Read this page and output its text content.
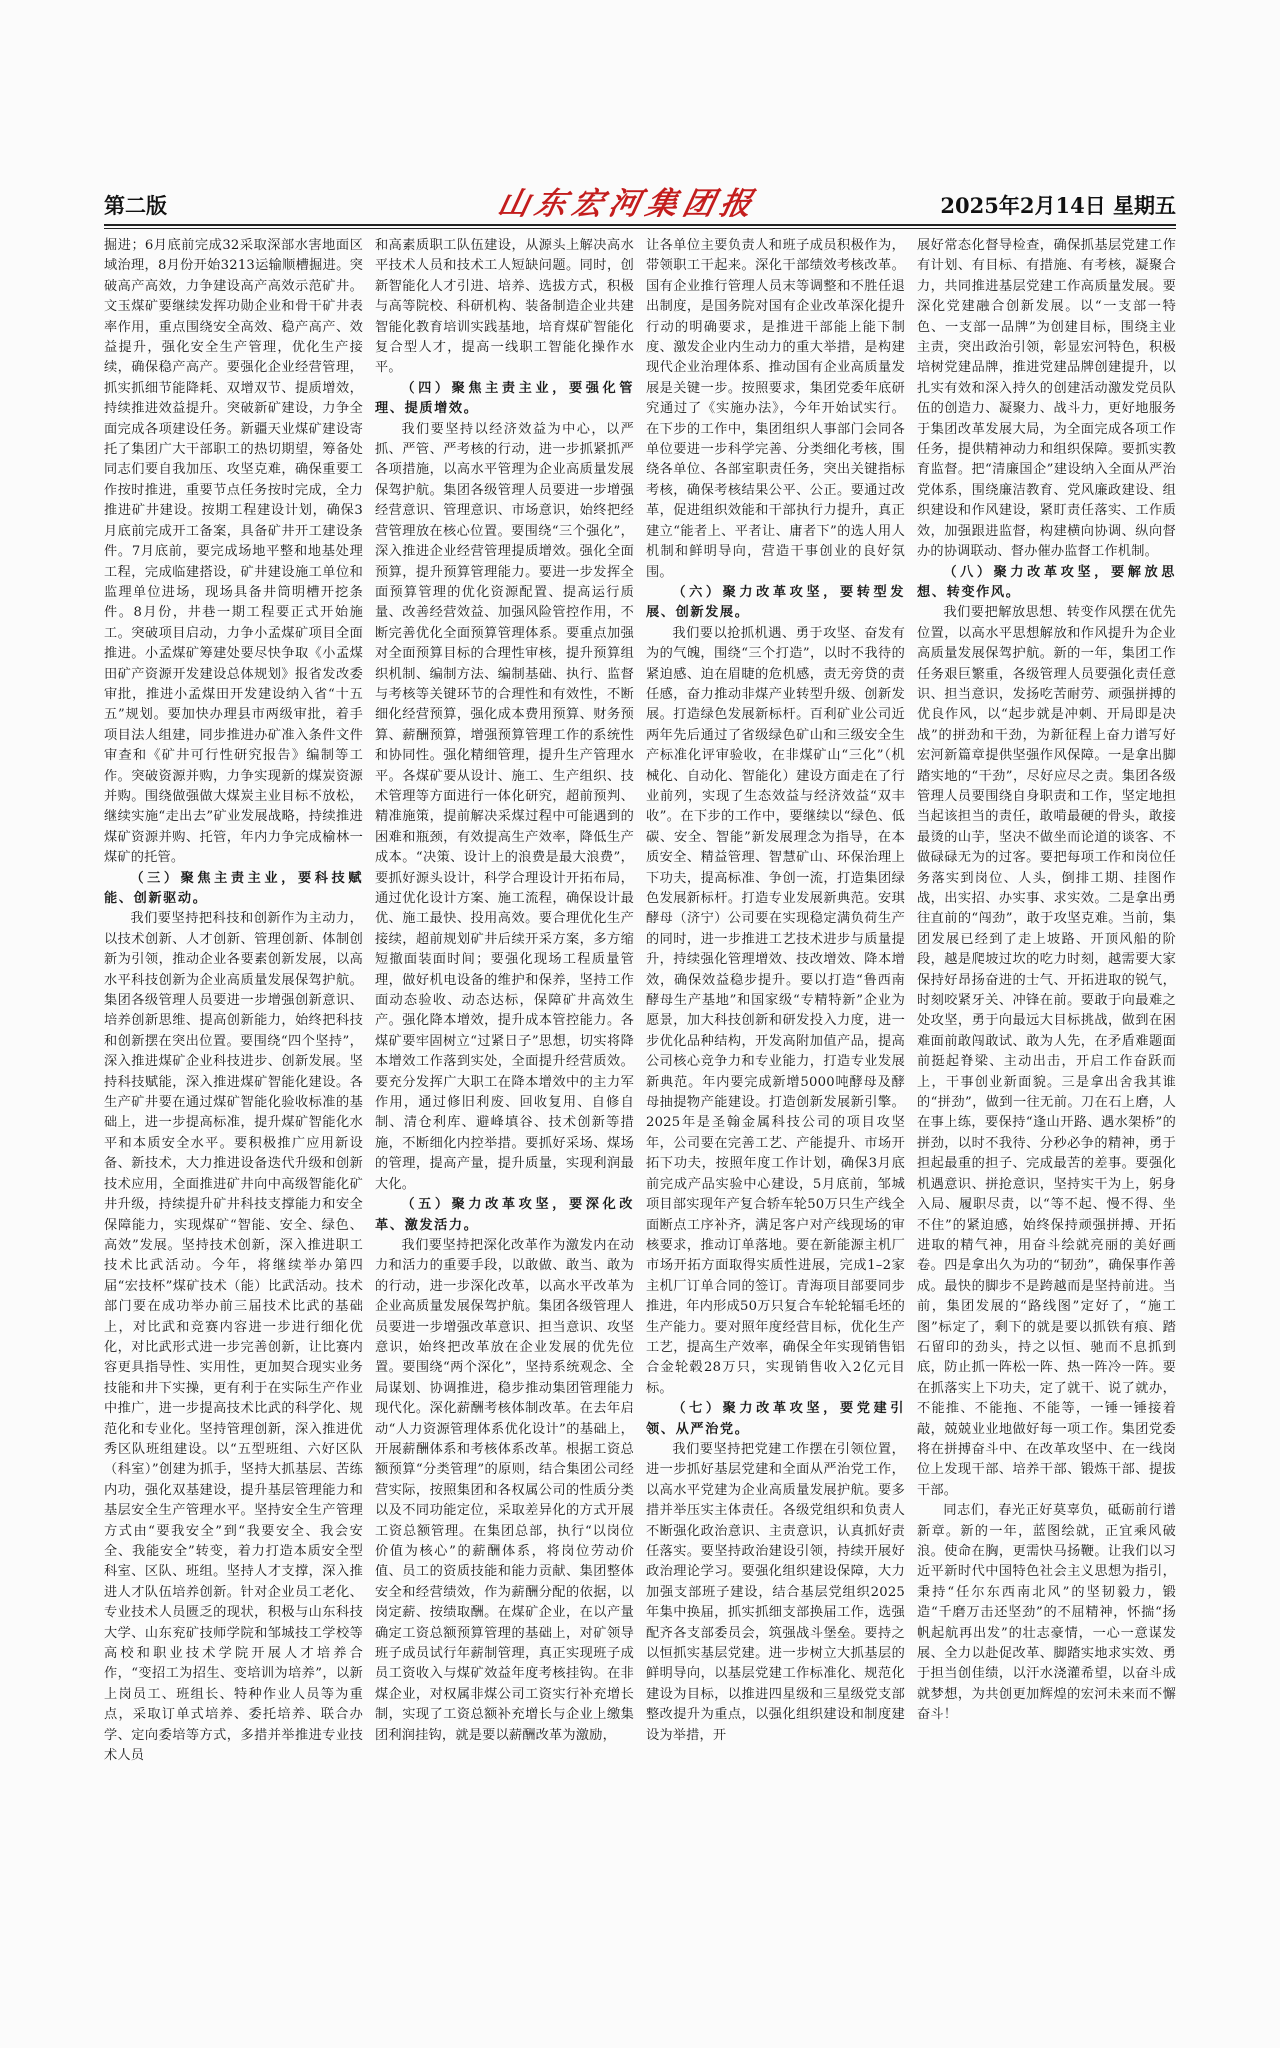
第二版	山东宏河集团报	2025年2月14日 星期五

掘进；6月底前完成32采取深部水害地面区域治理，8月份开始3213运输顺槽掘进。突破高产高效，力争建设高产高效示范矿井。文玉煤矿要继续发挥功勋企业和骨干矿井表率作用，重点围绕安全高效、稳产高产、效益提升，强化安全生产管理，优化生产接续，确保稳产高产。要强化企业经营管理，抓实抓细节能降耗、双增双节、提质增效，持续推进效益提升。突破新矿建设，力争全面完成各项建设任务。新疆天业煤矿建设寄托了集团广大干部职工的热切期望，筹备处同志们要自我加压、攻坚克难，确保重要工作按时推进，重要节点任务按时完成，全力推进矿井建设。按期工程建设计划，确保3月底前完成开工备案，具备矿井开工建设条件。7月底前，要完成场地平整和地基处理工程，完成临建搭设，矿井建设施工单位和监理单位进场，现场具备井筒明槽开挖条件。8月份，井巷一期工程要正式开始施工。突破项目启动，力争小孟煤矿项目全面推进。小孟煤矿筹建处要尽快争取《小孟煤田矿产资源开发建设总体规划》报省发改委审批，推进小孟煤田开发建设纳入省“十五五”规划。要加快办理县市两级审批，着手项目法人组建，同步推进办矿准入条件文件审查和《矿井可行性研究报告》编制等工作。突破资源并购，力争实现新的煤炭资源并购。围绕做强做大煤炭主业目标不放松，继续实施“走出去”矿业发展战略，持续推进煤矿资源并购、托管，年内力争完成榆林一煤矿的托管。

（三）聚焦主责主业，要科技赋能、创新驱动。

我们要坚持把科技和创新作为主动力，以技术创新、人才创新、管理创新、体制创新为引领，推动企业各要素创新发展，以高水平科技创新为企业高质量发展保驾护航。集团各级管理人员要进一步增强创新意识、培养创新思维、提高创新能力，始终把科技和创新摆在突出位置。要围绕“四个坚持”，深入推进煤矿企业科技进步、创新发展。坚持科技赋能，深入推进煤矿智能化建设。各生产矿井要在通过煤矿智能化验收标准的基础上，进一步提高标准，提升煤矿智能化水平和本质安全水平。要积极推广应用新设备、新技术，大力推进设备迭代升级和创新技术应用，全面推进矿井向中高级智能化矿井升级，持续提升矿井科技支撑能力和安全保障能力，实现煤矿“智能、安全、绿色、高效”发展。坚持技术创新，深入推进职工技术比武活动。今年，将继续举办第四届“宏技杯”煤矿技术（能）比武活动。技术部门要在成功举办前三届技术比武的基础上，对比武和竞赛内容进一步进行细化优化，对比武形式进一步完善创新，让比赛内容更具指导性、实用性，更加契合现实业务技能和井下实操，更有利于在实际生产作业中推广，进一步提高技术比武的科学化、规范化和专业化。坚持管理创新，深入推进优秀区队班组建设。以“五型班组、六好区队（科室）”创建为抓手，坚持大抓基层、苦练内功，强化双基建设，提升基层管理能力和基层安全生产管理水平。坚持安全生产管理方式由“要我安全”到“我要安全、我会安全、我能安全”转变，着力打造本质安全型科室、区队、班组。坚持人才支撑，深入推进人才队伍培养创新。针对企业员工老化、专业技术人员匮乏的现状，积极与山东科技大学、山东兖矿技师学院和邹城技工学校等高校和职业技术学院开展人才培养合作，“变招工为招生、变培训为培养”，以新上岗员工、班组长、特种作业人员等为重点，采取订单式培养、委托培养、联合办学、定向委培等方式，多措并举推进专业技术人员

和高素质职工队伍建设，从源头上解决高水平技术人员和技术工人短缺问题。同时，创新智能化人才引进、培养、选拔方式，积极与高等院校、科研机构、装备制造企业共建智能化教育培训实践基地，培育煤矿智能化复合型人才，提高一线职工智能化操作水平。

（四）聚焦主责主业，要强化管理、提质增效。

我们要坚持以经济效益为中心，以严抓、严管、严考核的行动，进一步抓紧抓严各项措施，以高水平管理为企业高质量发展保驾护航。集团各级管理人员要进一步增强经营意识、管理意识、市场意识，始终把经营管理放在核心位置。要围绕“三个强化”，深入推进企业经营管理提质增效。强化全面预算，提升预算管理能力。要进一步发挥全面预算管理的优化资源配置、提高运行质量、改善经营效益、加强风险管控作用，不断完善优化全面预算管理体系。要重点加强对全面预算目标的合理性审核，提升预算组织机制、编制方法、编制基础、执行、监督与考核等关键环节的合理性和有效性，不断细化经营预算，强化成本费用预算、财务预算、薪酬预算，增强预算管理工作的系统性和协同性。强化精细管理，提升生产管理水平。各煤矿要从设计、施工、生产组织、技术管理等方面进行一体化研究，超前预判、精准施策，提前解决采煤过程中可能遇到的困难和瓶颈，有效提高生产效率，降低生产成本。“决策、设计上的浪费是最大浪费”，要抓好源头设计，科学合理设计开拓布局，通过优化设计方案、施工流程，确保设计最优、施工最快、投用高效。要合理优化生产接续，超前规划矿井后续开采方案，多方缩短撤面装面时间；要强化现场工程质量管理，做好机电设备的维护和保养，坚持工作面动态验收、动态达标，保障矿井高效生产。强化降本增效，提升成本管控能力。各煤矿要牢固树立“过紧日子”思想，切实将降本增效工作落到实处，全面提升经营质效。要充分发挥广大职工在降本增效中的主力军作用，通过修旧利废、回收复用、自修自制、清仓利库、避峰填谷、技术创新等措施，不断细化内控举措。要抓好采场、煤场的管理，提高产量，提升质量，实现利润最大化。

（五）聚力改革攻坚，要深化改革、激发活力。

我们要坚持把深化改革作为激发内在动力和活力的重要手段，以敢做、敢当、敢为的行动，进一步深化改革，以高水平改革为企业高质量发展保驾护航。集团各级管理人员要进一步增强改革意识、担当意识、攻坚意识，始终把改革放在企业发展的优先位置。要围绕“两个深化”，坚持系统观念、全局谋划、协调推进，稳步推动集团管理能力现代化。深化薪酬考核体制改革。在去年启动“人力资源管理体系优化设计”的基础上，开展薪酬体系和考核体系改革。根据工资总额预算“分类管理”的原则，结合集团公司经营实际，按照集团和各权属公司的性质分类以及不同功能定位，采取差异化的方式开展工资总额管理。在集团总部，执行“以岗位价值为核心”的薪酬体系，将岗位劳动价值、员工的资质技能和能力贡献、集团整体安全和经营绩效，作为薪酬分配的依据，以岗定薪、按绩取酬。在煤矿企业，在以产量确定工资总额预算管理的基础上，对矿领导班子成员试行年薪制管理，真正实现班子成员工资收入与煤矿效益年度考核挂钩。在非煤企业，对权属非煤公司工资实行补充增长制，实现了工资总额补充增长与企业上缴集团利润挂钩，就是要以薪酬改革为激励，

让各单位主要负责人和班子成员积极作为，带领职工干起来。深化干部绩效考核改革。国有企业推行管理人员末等调整和不胜任退出制度，是国务院对国有企业改革深化提升行动的明确要求，是推进干部能上能下制度、激发企业内生动力的重大举措，是构建现代企业治理体系、推动国有企业高质量发展是关键一步。按照要求，集团党委年底研究通过了《实施办法》，今年开始试实行。在下步的工作中，集团组织人事部门会同各单位要进一步科学完善、分类细化考核，围绕各单位、各部室职责任务，突出关键指标考核，确保考核结果公平、公正。要通过改革，促进组织效能和干部执行力提升，真正建立“能者上、平者让、庸者下”的选人用人机制和鲜明导向，营造干事创业的良好氛围。

（六）聚力改革攻坚，要转型发展、创新发展。

我们要以抢抓机遇、勇于攻坚、奋发有为的气魄，围绕“三个打造”，以时不我待的紧迫感、迫在眉睫的危机感，责无旁贷的责任感，奋力推动非煤产业转型升级、创新发展。打造绿色发展新标杆。百利矿业公司近两年先后通过了省级绿色矿山和三级安全生产标准化评审验收，在非煤矿山“三化”（机械化、自动化、智能化）建设方面走在了行业前列，实现了生态效益与经济效益“双丰收”。在下步的工作中，要继续以“绿色、低碳、安全、智能”新发展理念为指导，在本质安全、精益管理、智慧矿山、环保治理上下功夫，提高标准、争创一流，打造集团绿色发展新标杆。打造专业发展新典范。安琪酵母（济宁）公司要在实现稳定满负荷生产的同时，进一步推进工艺技术进步与质量提升，持续强化管理增效、技改增效、降本增效，确保效益稳步提升。要以打造“鲁西南酵母生产基地”和国家级“专精特新”企业为愿景，加大科技创新和研发投入力度，进一步优化品种结构，开发高附加值产品，提高公司核心竞争力和专业能力，打造专业发展新典范。年内要完成新增5000吨酵母及酵母抽提物产能建设。打造创新发展新引擎。2025年是圣翰金属科技公司的项目攻坚年，公司要在完善工艺、产能提升、市场开拓下功夫，按照年度工作计划，确保3月底前完成产品实验中心建设，5月底前，邹城项目部实现年产复合轿车轮50万只生产线全面断点工序补齐，满足客户对产线现场的审核要求，推动订单落地。要在新能源主机厂市场开拓方面取得实质性进展，完成1–2家主机厂订单合同的签订。青海项目部要同步推进，年内形成50万只复合车轮轮辐毛坯的生产能力。要对照年度经营目标，优化生产工艺，提高生产效率，确保全年实现销售铝合金轮毂28万只，实现销售收入2亿元目标。

（七）聚力改革攻坚，要党建引领、从严治党。

我们要坚持把党建工作摆在引领位置，进一步抓好基层党建和全面从严治党工作，以高水平党建为企业高质量发展护航。要多措并举压实主体责任。各级党组织和负责人不断强化政治意识、主责意识，认真抓好责任落实。要坚持政治建设引领，持续开展好政治理论学习。要强化组织建设保障，大力加强支部班子建设，结合基层党组织2025年集中换届，抓实抓细支部换届工作，选强配齐各支部委员会，筑强战斗堡垒。要持之以恒抓实基层党建。进一步树立大抓基层的鲜明导向，以基层党建工作标准化、规范化建设为目标，以推进四星级和三星级党支部整改提升为重点，以强化组织建设和制度建设为举措，开

展好常态化督导检查，确保抓基层党建工作有计划、有目标、有措施、有考核，凝聚合力，共同推进基层党建工作高质量发展。要深化党建融合创新发展。以“一支部一特色、一支部一品牌”为创建目标，围绕主业主责，突出政治引领，彰显宏河特色，积极培树党建品牌，推进党建品牌创建提升，以扎实有效和深入持久的创建活动激发党员队伍的创造力、凝聚力、战斗力，更好地服务于集团改革发展大局，为全面完成各项工作任务，提供精神动力和组织保障。要抓实教育监督。把“清廉国企”建设纳入全面从严治党体系，围绕廉洁教育、党风廉政建设、组织建设和作风建设，紧盯责任落实、工作质效，加强跟进监督，构建横向协调、纵向督办的协调联动、督办催办监督工作机制。

（八）聚力改革攻坚，要解放思想、转变作风。

我们要把解放思想、转变作风摆在优先位置，以高水平思想解放和作风提升为企业高质量发展保驾护航。新的一年，集团工作任务艰巨繁重，各级管理人员要强化责任意识、担当意识，发扬吃苦耐劳、顽强拼搏的优良作风，以“起步就是冲刺、开局即是决战”的拼劲和干劲，为新征程上奋力谱写好宏河新篇章提供坚强作风保障。一是拿出脚踏实地的“干劲”，尽好应尽之责。集团各级管理人员要围绕自身职责和工作，坚定地担当起该担当的责任，敢啃最硬的骨头，敢接最烫的山芋，坚决不做坐而论道的谈客、不做碌碌无为的过客。要把每项工作和岗位任务落实到岗位、人头，倒排工期、挂图作战，出实招、办实事、求实效。二是拿出勇往直前的“闯劲”，敢于攻坚克难。当前，集团发展已经到了走上坡路、开顶风船的阶段，越是爬坡过坎的吃力时刻，越需要大家保持好昂扬奋进的士气、开拓进取的锐气，时刻咬紧牙关、冲锋在前。要敢于向最难之处攻坚，勇于向最远大目标挑战，做到在困难面前敢闯敢试、敢为人先，在矛盾难题面前挺起脊梁、主动出击，开启工作奋跃而上，干事创业新面貌。三是拿出舍我其谁的“拼劲”，做到一往无前。刀在石上磨，人在事上练，要保持“逢山开路、遇水架桥”的拼劲，以时不我待、分秒必争的精神，勇于担起最重的担子、完成最苦的差事。要强化机遇意识、拼抢意识，坚持实干为上，躬身入局、履职尽责，以“等不起、慢不得、坐不住”的紧迫感，始终保持顽强拼搏、开拓进取的精气神，用奋斗绘就亮丽的美好画卷。四是拿出久为功的“韧劲”，确保事作善成。最快的脚步不是跨越而是坚持前进。当前，集团发展的“路线图”定好了，“施工图”标定了，剩下的就是要以抓铁有痕、踏石留印的劲头，持之以恒、驰而不息抓到底，防止抓一阵松一阵、热一阵冷一阵。要在抓落实上下功夫，定了就干、说了就办，不能推、不能拖、不能等，一锤一锤接着敲，兢兢业业地做好每一项工作。集团党委将在拼搏奋斗中、在改革攻坚中、在一线岗位上发现干部、培养干部、锻炼干部、提拔干部。

同志们，春光正好莫辜负，砥砺前行谱新章。新的一年，蓝图绘就，正宜乘风破浪。使命在胸，更需快马扬鞭。让我们以习近平新时代中国特色社会主义思想为指引，秉持“任尔东西南北风”的坚韧毅力，锻造“千磨万击还坚劲”的不屈精神，怀揣“扬帆起航再出发”的壮志豪情，一心一意谋发展、全力以赴促改革、脚踏实地求实效、勇于担当创佳绩，以汗水浇灌希望，以奋斗成就梦想，为共创更加辉煌的宏河未来而不懈奋斗！
